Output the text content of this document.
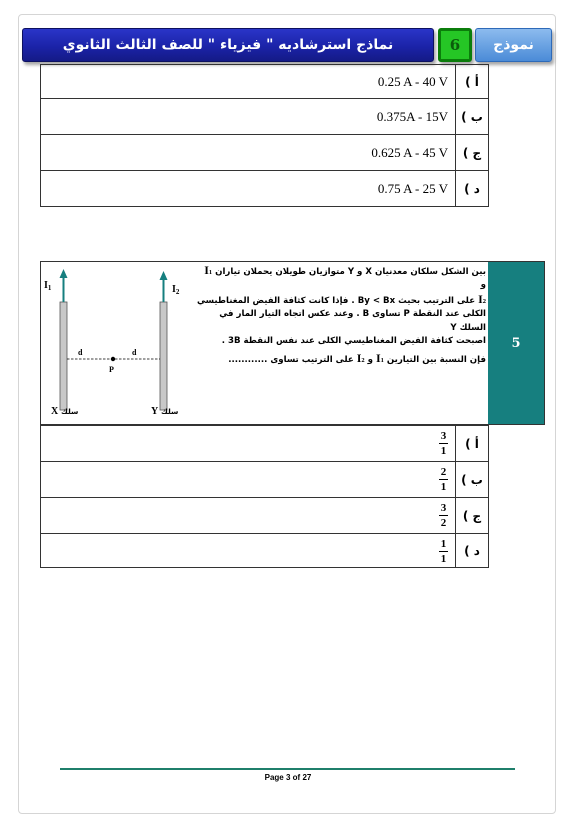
نماذج استرشاديه " فيزياء " للصف الثالث الثانوي	6	نموذج
0.25 A - 40 V	أ )
0.375A - 15V	ب )
0.625 A - 45 V	ج )
0.75 A - 25 V	د )
$I_1$	$I_2$
d	d
P
X سلك	Y سلك
بين الشكل سلكان معدنيان X و Y متوازيان طويلان يحملان تياران I1 و
I2 على الترتيب بحيث By < Bx . فإذا كانت كثافة الفيض المغناطيسي
الكلى عند النقطة P تساوى B . وعند عكس اتجاه التيار المار في السلك Y
اصبحت كثافة الفيض المغناطيسي الكلى عند نفس النقطة 3B .
فإن النسبة بين التيارين I1 و I2 على الترتيب تساوى ............
5
$\frac{3}{1}$	أ )
$\frac{2}{1}$	ب )
$\frac{3}{2}$	ج )
$\frac{1}{1}$	د )
Page 3 of 27
